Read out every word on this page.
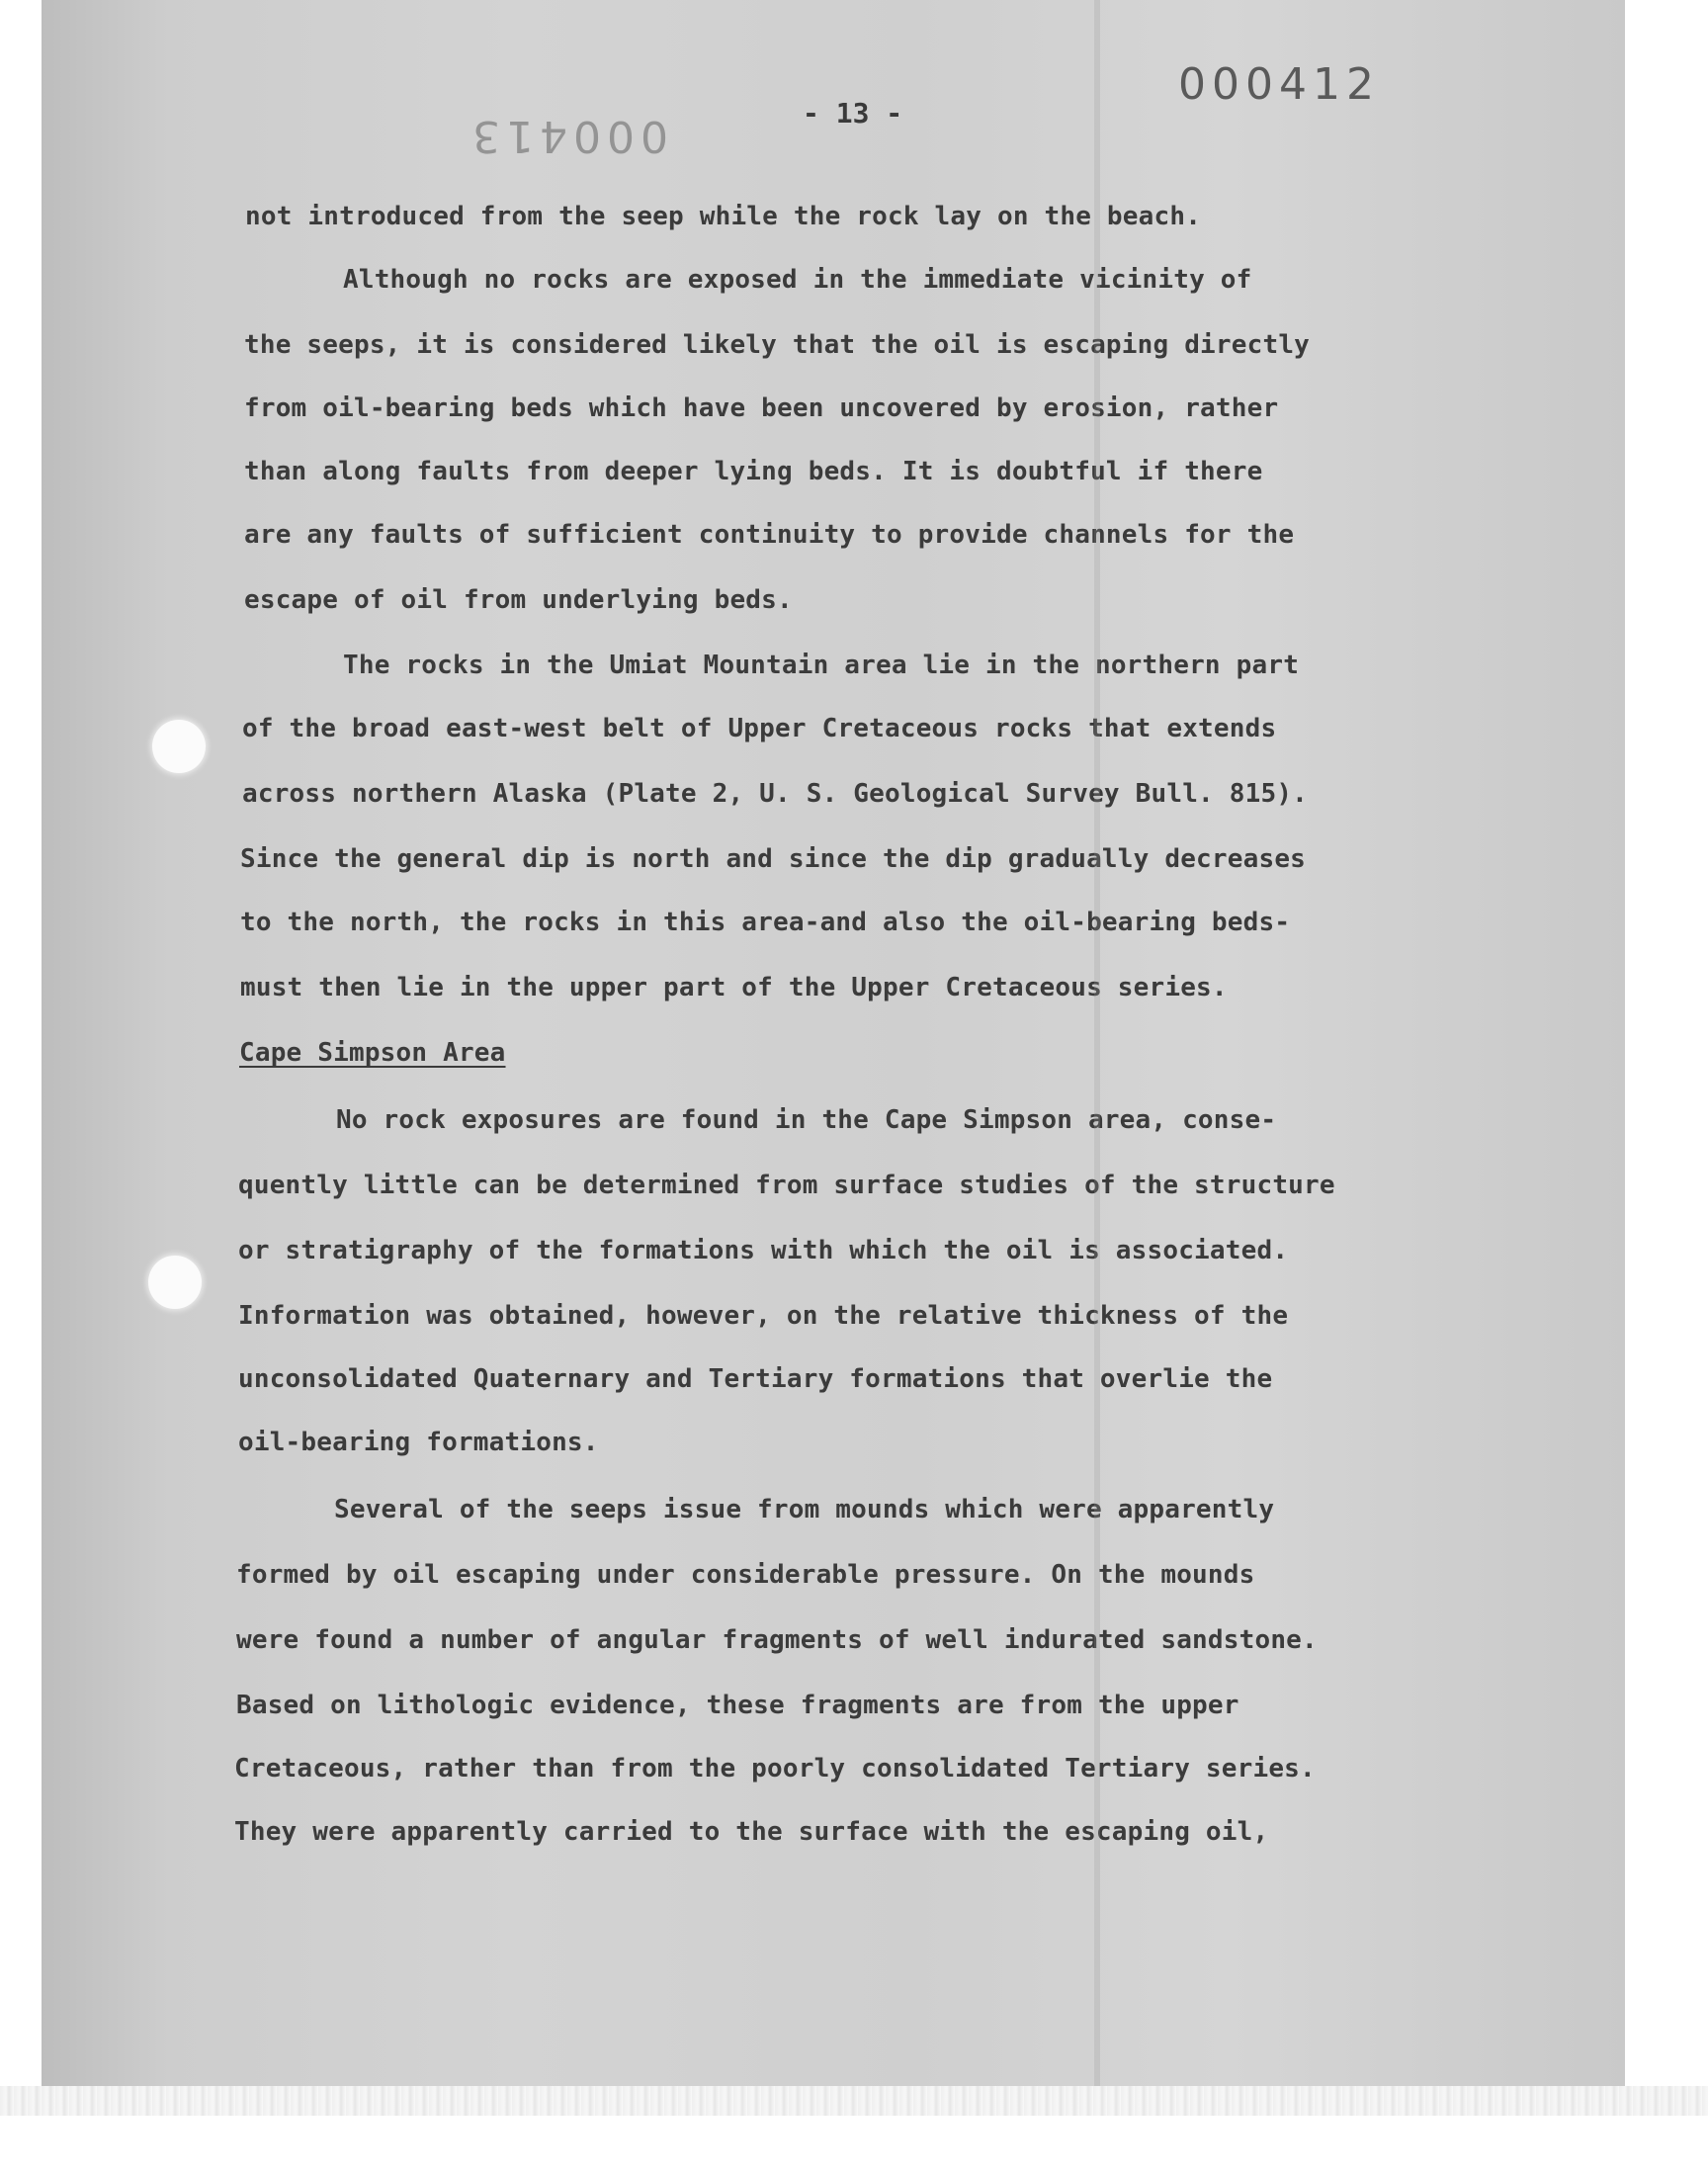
000412
000413	- 13 -
not introduced from the seep while the rock lay on the beach.
Although no rocks are exposed in the immediate vicinity of
the seeps, it is considered likely that the oil is escaping directly
from oil-bearing beds which have been uncovered by erosion, rather
than along faults from deeper lying beds. It is doubtful if there
are any faults of sufficient continuity to provide channels for the
escape of oil from underlying beds.
The rocks in the Umiat Mountain area lie in the northern part
of the broad east-west belt of Upper Cretaceous rocks that extends
across northern Alaska (Plate 2, U. S. Geological Survey Bull. 815).
Since the general dip is north and since the dip gradually decreases
to the north, the rocks in this area-and also the oil-bearing beds-
must then lie in the upper part of the Upper Cretaceous series.
Cape Simpson Area
No rock exposures are found in the Cape Simpson area, conse-
quently little can be determined from surface studies of the structure
or stratigraphy of the formations with which the oil is associated.
Information was obtained, however, on the relative thickness of the
unconsolidated Quaternary and Tertiary formations that overlie the
oil-bearing formations.
Several of the seeps issue from mounds which were apparently
formed by oil escaping under considerable pressure. On the mounds
were found a number of angular fragments of well indurated sandstone.
Based on lithologic evidence, these fragments are from the upper
Cretaceous, rather than from the poorly consolidated Tertiary series.
They were apparently carried to the surface with the escaping oil,
